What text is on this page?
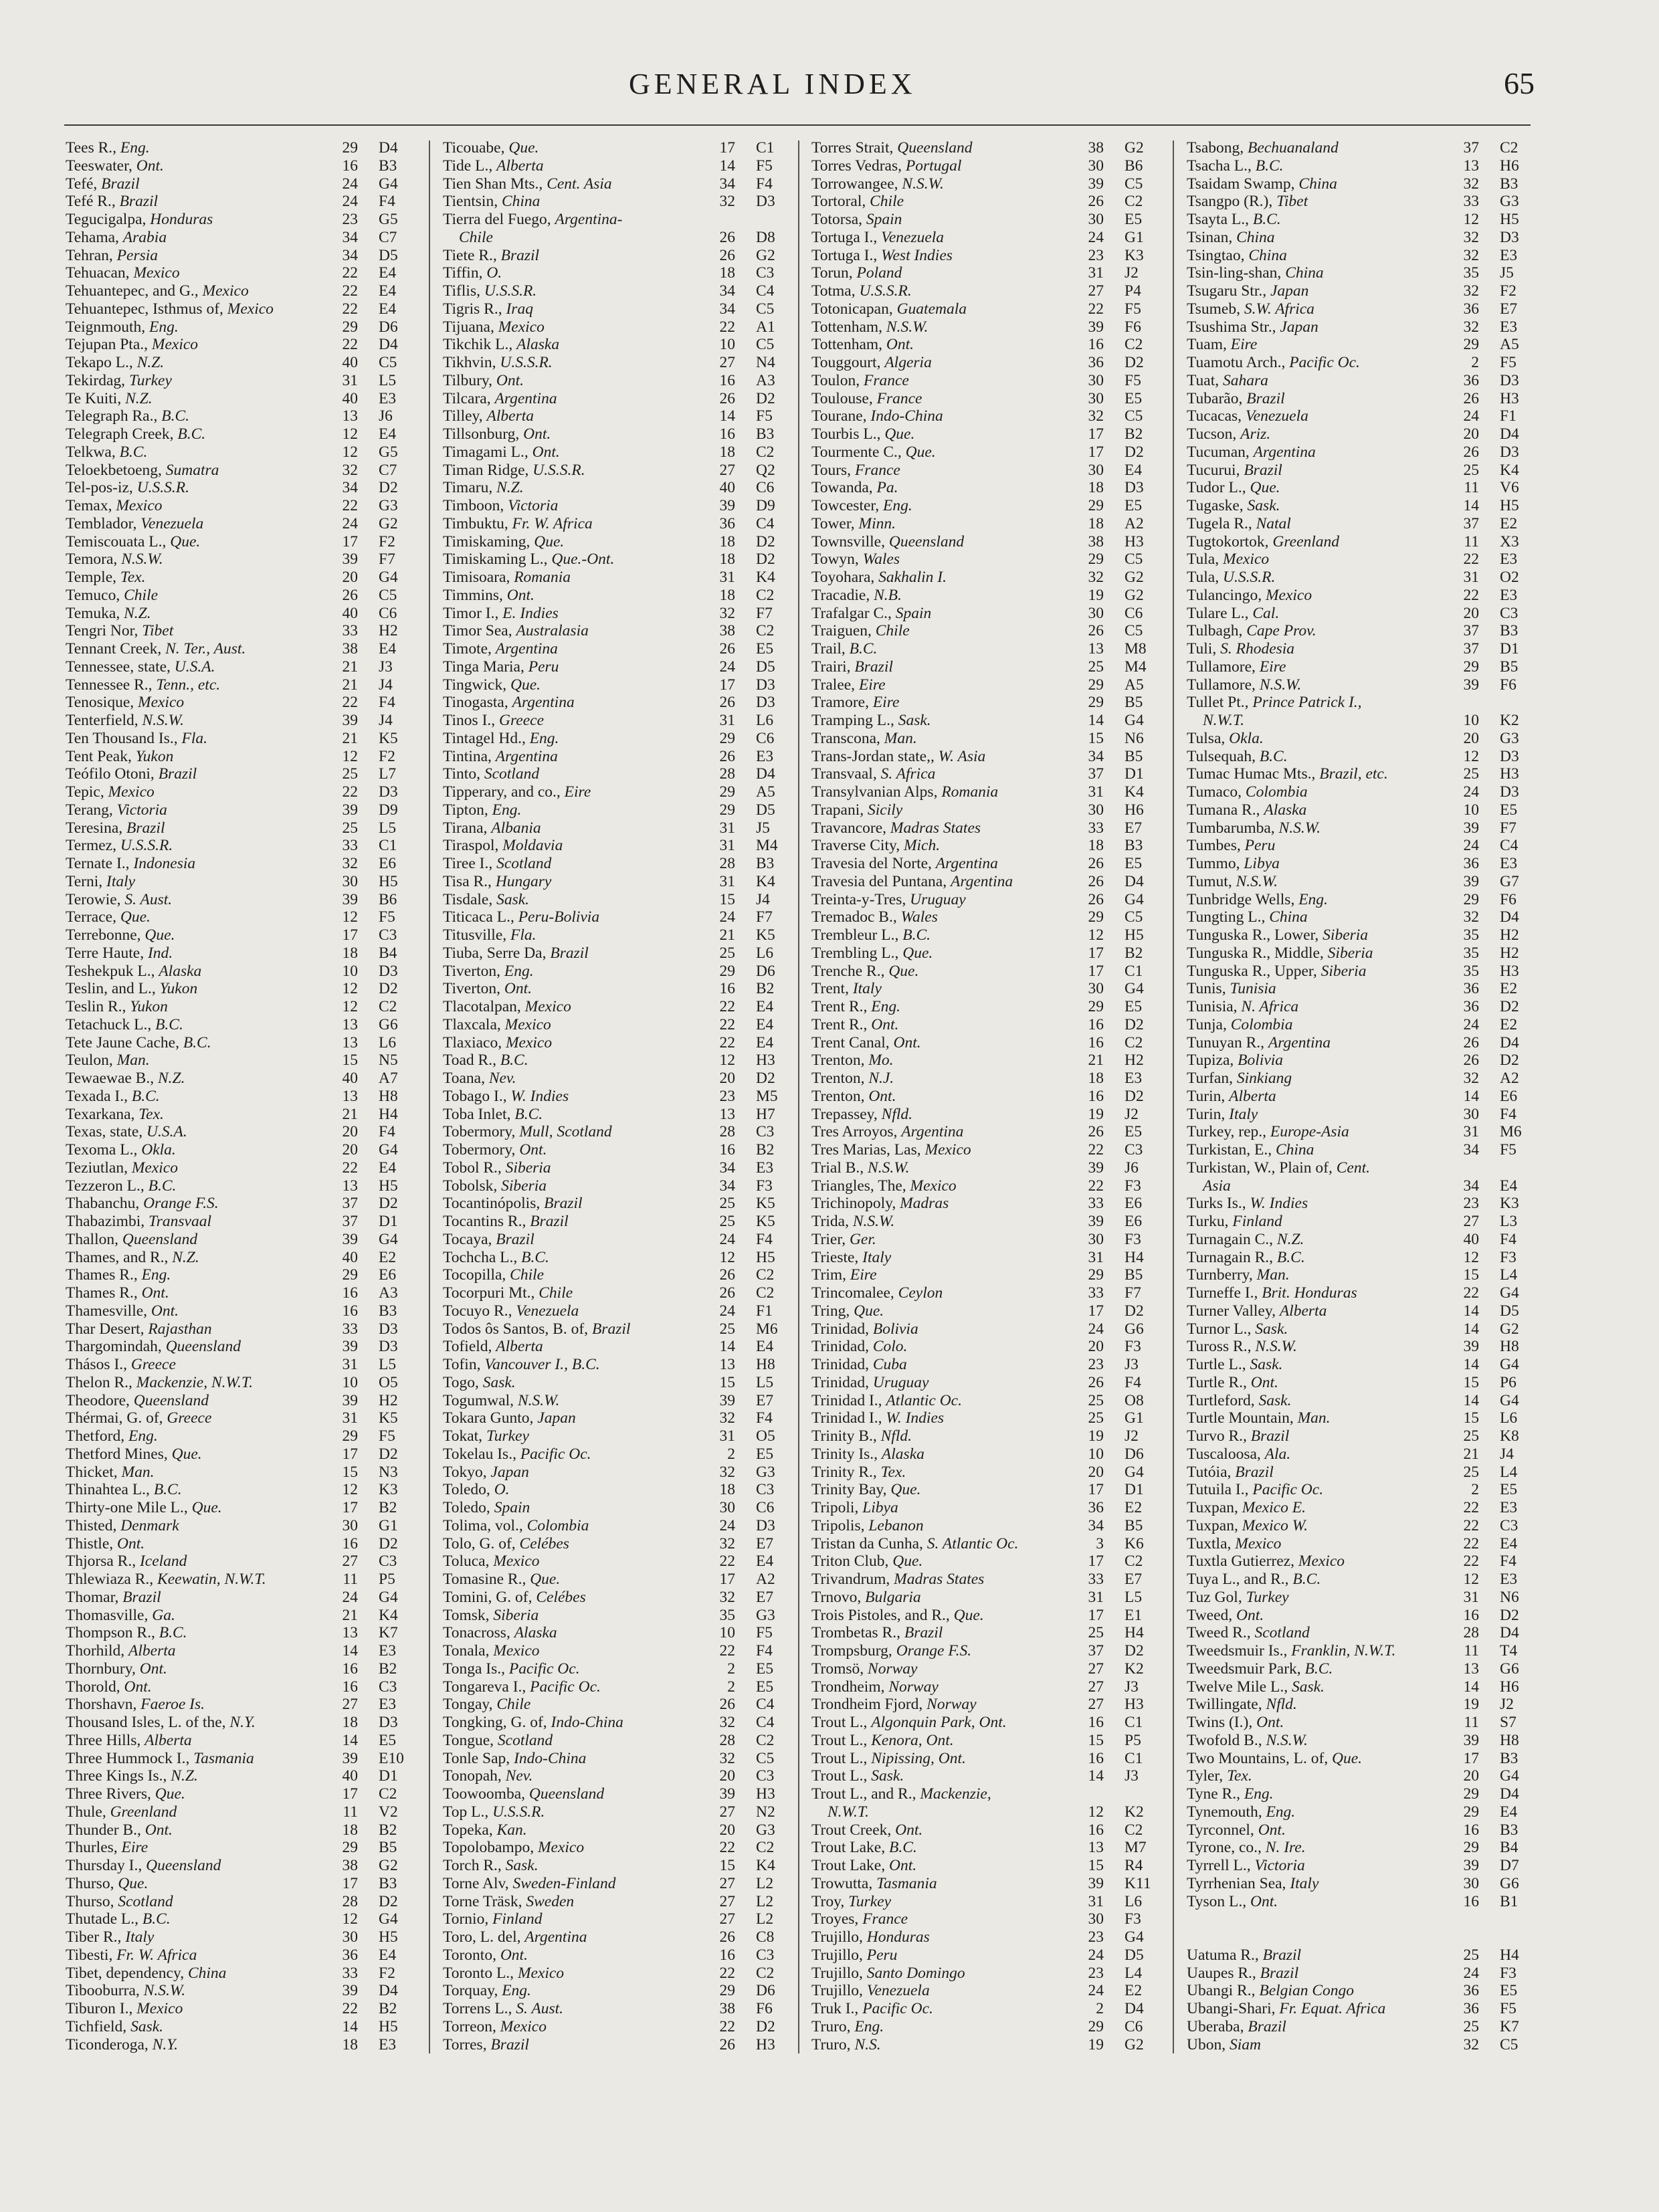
GENERAL INDEX	65
Tees R., Eng.	29 D4
Teeswater, Ont.	16 B3
Tefé, Brazil	24 G4
Tefé R., Brazil	24 F4
Tegucigalpa, Honduras	23 G5
Tehama, Arabia	34 C7
Tehran, Persia	34 D5
Tehuacan, Mexico	22 E4
Tehuantepec, and G., Mexico	22 E4
Tehuantepec, Isthmus of, Mexico	22 E4
Teignmouth, Eng.	29 D6
Tejupan Pta., Mexico	22 D4
Tekapo L., N.Z.	40 C5
Tekirdag, Turkey	31 L5
Te Kuiti, N.Z.	40 E3
Telegraph Ra., B.C.	13 J6
Telegraph Creek, B.C.	12 E4
Telkwa, B.C.	12 G5
Teloekbetoeng, Sumatra	32 C7
Tel-pos-iz, U.S.S.R.	34 D2
Temax, Mexico	22 G3
Temblador, Venezuela	24 G2
Temiscouata L., Que.	17 F2
Temora, N.S.W.	39 F7
Temple, Tex.	20 G4
Temuco, Chile	26 C5
Temuka, N.Z.	40 C6
Tengri Nor, Tibet	33 H2
Tennant Creek, N. Ter., Aust.	38 E4
Tennessee, state, U.S.A.	21 J3
Tennessee R., Tenn., etc.	21 J4
Tenosique, Mexico	22 F4
Tenterfield, N.S.W.	39 J4
Ten Thousand Is., Fla.	21 K5
Tent Peak, Yukon	12 F2
Teófilo Otoni, Brazil	25 L7
Tepic, Mexico	22 D3
Terang, Victoria	39 D9
Teresina, Brazil	25 L5
Termez, U.S.S.R.	33 C1
Ternate I., Indonesia	32 E6
Terni, Italy	30 H5
Terowie, S. Aust.	39 B6
Terrace, Que.	12 F5
Terrebonne, Que.	17 C3
Terre Haute, Ind.	18 B4
Teshekpuk L., Alaska	10 D3
Teslin, and L., Yukon	12 D2
Teslin R., Yukon	12 C2
Tetachuck L., B.C.	13 G6
Tete Jaune Cache, B.C.	13 L6
Teulon, Man.	15 N5
Tewaewae B., N.Z.	40 A7
Texada I., B.C.	13 H8
Texarkana, Tex.	21 H4
Texas, state, U.S.A.	20 F4
Texoma L., Okla.	20 G4
Teziutlan, Mexico	22 E4
Tezzeron L., B.C.	13 H5
Thabanchu, Orange F.S.	37 D2
Thabazimbi, Transvaal	37 D1
Thallon, Queensland	39 G4
Thames, and R., N.Z.	40 E2
Thames R., Eng.	29 E6
Thames R., Ont.	16 A3
Thamesville, Ont.	16 B3
Thar Desert, Rajasthan	33 D3
Thargomindah, Queensland	39 D3
Thásos I., Greece	31 L5
Thelon R., Mackenzie, N.W.T.	10 O5
Theodore, Queensland	39 H2
Thérmai, G. of, Greece	31 K5
Thetford, Eng.	29 F5
Thetford Mines, Que.	17 D2
Thicket, Man.	15 N3
Thinahtea L., B.C.	12 K3
Thirty-one Mile L., Que.	17 B2
Thisted, Denmark	30 G1
Thistle, Ont.	16 D2
Thjorsa R., Iceland	27 C3
Thlewiaza R., Keewatin, N.W.T.	11 P5
Thomar, Brazil	24 G4
Thomasville, Ga.	21 K4
Thompson R., B.C.	13 K7
Thorhild, Alberta	14 E3
Thornbury, Ont.	16 B2
Thorold, Ont.	16 C3
Thorshavn, Faeroe Is.	27 E3
Thousand Isles, L. of the, N.Y.	18 D3
Three Hills, Alberta	14 E5
Three Hummock I., Tasmania	39 E10
Three Kings Is., N.Z.	40 D1
Three Rivers, Que.	17 C2
Thule, Greenland	11 V2
Thunder B., Ont.	18 B2
Thurles, Eire	29 B5
Thursday I., Queensland	38 G2
Thurso, Que.	17 B3
Thurso, Scotland	28 D2
Thutade L., B.C.	12 G4
Tiber R., Italy	30 H5
Tibesti, Fr. W. Africa	36 E4
Tibet, dependency, China	33 F2
Tibooburra, N.S.W.	39 D4
Tiburon I., Mexico	22 B2
Tichfield, Sask.	14 H5
Ticonderoga, N.Y.	18 E3
Ticouabe, Que.	17 C1
Tide L., Alberta	14 F5
Tien Shan Mts., Cent. Asia	34 F4
Tientsin, China	32 D3
Tierra del Fuego, Argentina-
Chile	26 D8
Tiete R., Brazil	26 G2
Tiffin, O.	18 C3
Tiflis, U.S.S.R.	34 C4
Tigris R., Iraq	34 C5
Tijuana, Mexico	22 A1
Tikchik L., Alaska	10 C5
Tikhvin, U.S.S.R.	27 N4
Tilbury, Ont.	16 A3
Tilcara, Argentina	26 D2
Tilley, Alberta	14 F5
Tillsonburg, Ont.	16 B3
Timagami L., Ont.	18 C2
Timan Ridge, U.S.S.R.	27 Q2
Timaru, N.Z.	40 C6
Timboon, Victoria	39 D9
Timbuktu, Fr. W. Africa	36 C4
Timiskaming, Que.	18 D2
Timiskaming L., Que.-Ont.	18 D2
Timisoara, Romania	31 K4
Timmins, Ont.	18 C2
Timor I., E. Indies	32 F7
Timor Sea, Australasia	38 C2
Timote, Argentina	26 E5
Tinga Maria, Peru	24 D5
Tingwick, Que.	17 D3
Tinogasta, Argentina	26 D3
Tinos I., Greece	31 L6
Tintagel Hd., Eng.	29 C6
Tintina, Argentina	26 E3
Tinto, Scotland	28 D4
Tipperary, and co., Eire	29 A5
Tipton, Eng.	29 D5
Tirana, Albania	31 J5
Tiraspol, Moldavia	31 M4
Tiree I., Scotland	28 B3
Tisa R., Hungary	31 K4
Tisdale, Sask.	15 J4
Titicaca L., Peru-Bolivia	24 F7
Titusville, Fla.	21 K5
Tiuba, Serre Da, Brazil	25 L6
Tiverton, Eng.	29 D6
Tiverton, Ont.	16 B2
Tlacotalpan, Mexico	22 E4
Tlaxcala, Mexico	22 E4
Tlaxiaco, Mexico	22 E4
Toad R., B.C.	12 H3
Toana, Nev.	20 D2
Tobago I., W. Indies	23 M5
Toba Inlet, B.C.	13 H7
Tobermory, Mull, Scotland	28 C3
Tobermory, Ont.	16 B2
Tobol R., Siberia	34 E3
Tobolsk, Siberia	34 F3
Tocantinópolis, Brazil	25 K5
Tocantins R., Brazil	25 K5
Tocaya, Brazil	24 F4
Tochcha L., B.C.	12 H5
Tocopilla, Chile	26 C2
Tocorpuri Mt., Chile	26 C2
Tocuyo R., Venezuela	24 F1
Todos ôs Santos, B. of, Brazil	25 M6
Tofield, Alberta	14 E4
Tofin, Vancouver I., B.C.	13 H8
Togo, Sask.	15 L5
Togumwal, N.S.W.	39 E7
Tokara Gunto, Japan	32 F4
Tokat, Turkey	31 O5
Tokelau Is., Pacific Oc.	2 E5
Tokyo, Japan	32 G3
Toledo, O.	18 C3
Toledo, Spain	30 C6
Tolima, vol., Colombia	24 D3
Tolo, G. of, Celébes	32 E7
Toluca, Mexico	22 E4
Tomasine R., Que.	17 A2
Tomini, G. of, Celébes	32 E7
Tomsk, Siberia	35 G3
Tonacross, Alaska	10 F5
Tonala, Mexico	22 F4
Tonga Is., Pacific Oc.	2 E5
Tongareva I., Pacific Oc.	2 E5
Tongay, Chile	26 C4
Tongking, G. of, Indo-China	32 C4
Tongue, Scotland	28 C2
Tonle Sap, Indo-China	32 C5
Tonopah, Nev.	20 C3
Toowoomba, Queensland	39 H3
Top L., U.S.S.R.	27 N2
Topeka, Kan.	20 G3
Topolobampo, Mexico	22 C2
Torch R., Sask.	15 K4
Torne Alv, Sweden-Finland	27 L2
Torne Träsk, Sweden	27 L2
Tornio, Finland	27 L2
Toro, L. del, Argentina	26 C8
Toronto, Ont.	16 C3
Toronto L., Mexico	22 C2
Torquay, Eng.	29 D6
Torrens L., S. Aust.	38 F6
Torreon, Mexico	22 D2
Torres, Brazil	26 H3
Torres Strait, Queensland	38 G2
Torres Vedras, Portugal	30 B6
Torrowangee, N.S.W.	39 C5
Tortoral, Chile	26 C2
Totorsa, Spain	30 E5
Tortuga I., Venezuela	24 G1
Tortuga I., West Indies	23 K3
Torun, Poland	31 J2
Totma, U.S.S.R.	27 P4
Totonicapan, Guatemala	22 F5
Tottenham, N.S.W.	39 F6
Tottenham, Ont.	16 C2
Touggourt, Algeria	36 D2
Toulon, France	30 F5
Toulouse, France	30 E5
Tourane, Indo-China	32 C5
Tourbis L., Que.	17 B2
Tourmente C., Que.	17 D2
Tours, France	30 E4
Towanda, Pa.	18 D3
Towcester, Eng.	29 E5
Tower, Minn.	18 A2
Townsville, Queensland	38 H3
Towyn, Wales	29 C5
Toyohara, Sakhalin I.	32 G2
Tracadie, N.B.	19 G2
Trafalgar C., Spain	30 C6
Traiguen, Chile	26 C5
Trail, B.C.	13 M8
Trairi, Brazil	25 M4
Tralee, Eire	29 A5
Tramore, Eire	29 B5
Tramping L., Sask.	14 G4
Transcona, Man.	15 N6
Trans-Jordan state,, W. Asia	34 B5
Transvaal, S. Africa	37 D1
Transylvanian Alps, Romania	31 K4
Trapani, Sicily	30 H6
Travancore, Madras States	33 E7
Traverse City, Mich.	18 B3
Travesia del Norte, Argentina	26 E5
Travesia del Puntana, Argentina	26 D4
Treinta-y-Tres, Uruguay	26 G4
Tremadoc B., Wales	29 C5
Trembleur L., B.C.	12 H5
Trembling L., Que.	17 B2
Trenche R., Que.	17 C1
Trent, Italy	30 G4
Trent R., Eng.	29 E5
Trent R., Ont.	16 D2
Trent Canal, Ont.	16 C2
Trenton, Mo.	21 H2
Trenton, N.J.	18 E3
Trenton, Ont.	16 D2
Trepassey, Nfld.	19 J2
Tres Arroyos, Argentina	26 E5
Tres Marias, Las, Mexico	22 C3
Trial B., N.S.W.	39 J6
Triangles, The, Mexico	22 F3
Trichinopoly, Madras	33 E6
Trida, N.S.W.	39 E6
Trier, Ger.	30 F3
Trieste, Italy	31 H4
Trim, Eire	29 B5
Trincomalee, Ceylon	33 F7
Tring, Que.	17 D2
Trinidad, Bolivia	24 G6
Trinidad, Colo.	20 F3
Trinidad, Cuba	23 J3
Trinidad, Uruguay	26 F4
Trinidad I., Atlantic Oc.	25 O8
Trinidad I., W. Indies	25 G1
Trinity B., Nfld.	19 J2
Trinity Is., Alaska	10 D6
Trinity R., Tex.	20 G4
Trinity Bay, Que.	17 D1
Tripoli, Libya	36 E2
Tripolis, Lebanon	34 B5
Tristan da Cunha, S. Atlantic Oc.	3 K6
Triton Club, Que.	17 C2
Trivandrum, Madras States	33 E7
Trnovo, Bulgaria	31 L5
Trois Pistoles, and R., Que.	17 E1
Trombetas R., Brazil	25 H4
Trompsburg, Orange F.S.	37 D2
Tromsö, Norway	27 K2
Trondheim, Norway	27 J3
Trondheim Fjord, Norway	27 H3
Trout L., Algonquin Park, Ont.	16 C1
Trout L., Kenora, Ont.	15 P5
Trout L., Nipissing, Ont.	16 C1
Trout L., Sask.	14 J3
Trout L., and R., Mackenzie,
N.W.T.	12 K2
Trout Creek, Ont.	16 C2
Trout Lake, B.C.	13 M7
Trout Lake, Ont.	15 R4
Trowutta, Tasmania	39 K11
Troy, Turkey	31 L6
Troyes, France	30 F3
Trujillo, Honduras	23 G4
Trujillo, Peru	24 D5
Trujillo, Santo Domingo	23 L4
Trujillo, Venezuela	24 E2
Truk I., Pacific Oc.	2 D4
Truro, Eng.	29 C6
Truro, N.S.	19 G2
Tsabong, Bechuanaland	37 C2
Tsacha L., B.C.	13 H6
Tsaidam Swamp, China	32 B3
Tsangpo (R.), Tibet	33 G3
Tsayta L., B.C.	12 H5
Tsinan, China	32 D3
Tsingtao, China	32 E3
Tsin-ling-shan, China	35 J5
Tsugaru Str., Japan	32 F2
Tsumeb, S.W. Africa	36 E7
Tsushima Str., Japan	32 E3
Tuam, Eire	29 A5
Tuamotu Arch., Pacific Oc.	2 F5
Tuat, Sahara	36 D3
Tubarão, Brazil	26 H3
Tucacas, Venezuela	24 F1
Tucson, Ariz.	20 D4
Tucuman, Argentina	26 D3
Tucurui, Brazil	25 K4
Tudor L., Que.	11 V6
Tugaske, Sask.	14 H5
Tugela R., Natal	37 E2
Tugtokortok, Greenland	11 X3
Tula, Mexico	22 E3
Tula, U.S.S.R.	31 O2
Tulancingo, Mexico	22 E3
Tulare L., Cal.	20 C3
Tulbagh, Cape Prov.	37 B3
Tuli, S. Rhodesia	37 D1
Tullamore, Eire	29 B5
Tullamore, N.S.W.	39 F6
Tullet Pt., Prince Patrick I.,
N.W.T.	10 K2
Tulsa, Okla.	20 G3
Tulsequah, B.C.	12 D3
Tumac Humac Mts., Brazil, etc.	25 H3
Tumaco, Colombia	24 D3
Tumana R., Alaska	10 E5
Tumbarumba, N.S.W.	39 F7
Tumbes, Peru	24 C4
Tummo, Libya	36 E3
Tumut, N.S.W.	39 G7
Tunbridge Wells, Eng.	29 F6
Tungting L., China	32 D4
Tunguska R., Lower, Siberia	35 H2
Tunguska R., Middle, Siberia	35 H2
Tunguska R., Upper, Siberia	35 H3
Tunis, Tunisia	36 E2
Tunisia, N. Africa	36 D2
Tunja, Colombia	24 E2
Tunuyan R., Argentina	26 D4
Tupiza, Bolivia	26 D2
Turfan, Sinkiang	32 A2
Turin, Alberta	14 E6
Turin, Italy	30 F4
Turkey, rep., Europe-Asia	31 M6
Turkistan, E., China	34 F5
Turkistan, W., Plain of, Cent.
Asia	34 E4
Turks Is., W. Indies	23 K3
Turku, Finland	27 L3
Turnagain C., N.Z.	40 F4
Turnagain R., B.C.	12 F3
Turnberry, Man.	15 L4
Turneffe I., Brit. Honduras	22 G4
Turner Valley, Alberta	14 D5
Turnor L., Sask.	14 G2
Tuross R., N.S.W.	39 H8
Turtle L., Sask.	14 G4
Turtle R., Ont.	15 P6
Turtleford, Sask.	14 G4
Turtle Mountain, Man.	15 L6
Turvo R., Brazil	25 K8
Tuscaloosa, Ala.	21 J4
Tutóia, Brazil	25 L4
Tutuila I., Pacific Oc.	2 E5
Tuxpan, Mexico E.	22 E3
Tuxpan, Mexico W.	22 C3
Tuxtla, Mexico	22 E4
Tuxtla Gutierrez, Mexico	22 F4
Tuya L., and R., B.C.	12 E3
Tuz Gol, Turkey	31 N6
Tweed, Ont.	16 D2
Tweed R., Scotland	28 D4
Tweedsmuir Is., Franklin, N.W.T.	11 T4
Tweedsmuir Park, B.C.	13 G6
Twelve Mile L., Sask.	14 H6
Twillingate, Nfld.	19 J2
Twins (I.), Ont.	11 S7
Twofold B., N.S.W.	39 H8
Two Mountains, L. of, Que.	17 B3
Tyler, Tex.	20 G4
Tyne R., Eng.	29 D4
Tynemouth, Eng.	29 E4
Tyrconnel, Ont.	16 B3
Tyrone, co., N. Ire.	29 B4
Tyrrell L., Victoria	39 D7
Tyrrhenian Sea, Italy	30 G6
Tyson L., Ont.	16 B1
Uatuma R., Brazil	25 H4
Uaupes R., Brazil	24 F3
Ubangi R., Belgian Congo	36 E5
Ubangi-Shari, Fr. Equat. Africa	36 F5
Uberaba, Brazil	25 K7
Ubon, Siam	32 C5
